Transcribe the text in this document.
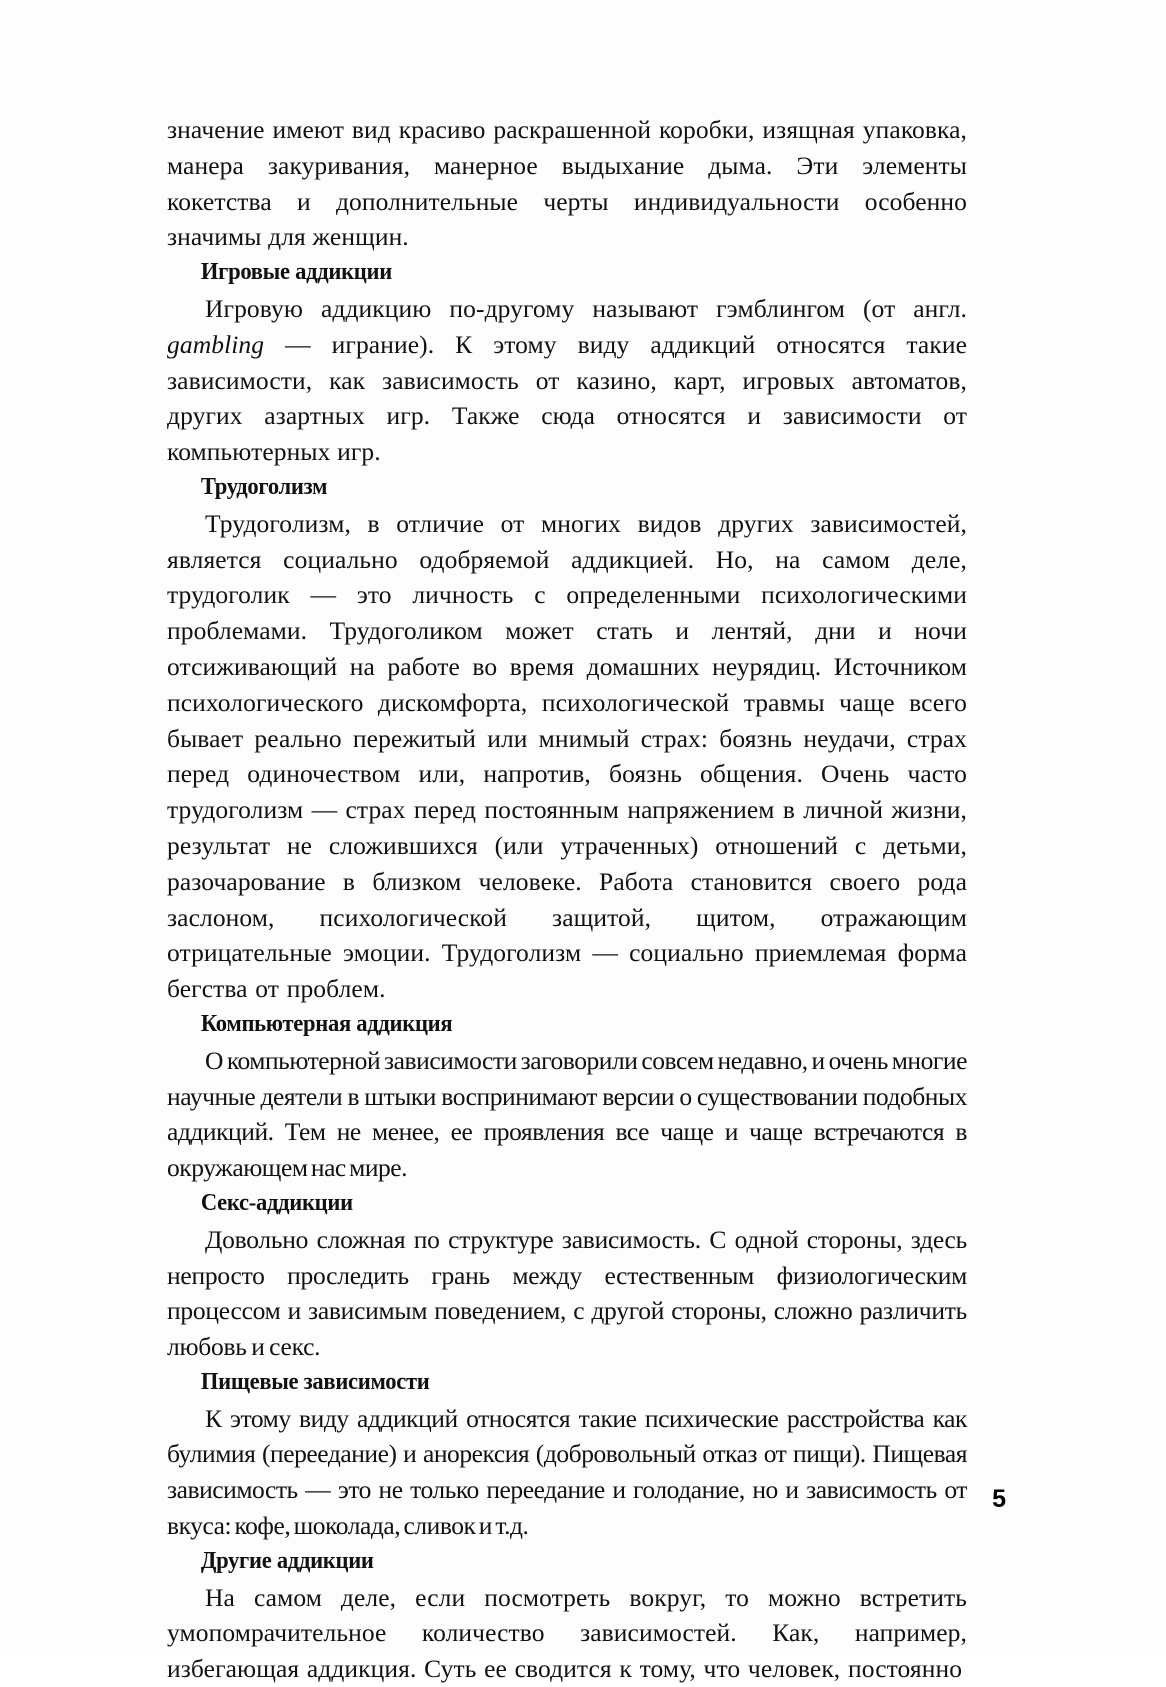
значение имеют вид красиво раскрашенной коробки, изящная упаковка, манера закуривания, манерное выдыхание дыма. Эти элементы кокетства и дополнительные черты индивидуальности особенно значимы для женщин.

Игровые аддикции

Игровую аддикцию по-другому называют гэмблингом (от англ. gambling — играние). К этому виду аддикций относятся такие зависимости, как зависимость от казино, карт, игровых автоматов, других азартных игр. Также сюда относятся и зависимости от компьютерных игр.

Трудоголизм

Трудоголизм, в отличие от многих видов других зависимостей, является социально одобряемой аддикцией. Но, на самом деле, трудоголик — это личность с определенными психологическими проблемами. Трудоголиком может стать и лентяй, дни и ночи отсиживающий на работе во время домашних неурядиц. Источником психологического дискомфорта, психологической травмы чаще всего бывает реально пережитый или мнимый страх: боязнь неудачи, страх перед одиночеством или, напротив, боязнь общения. Очень часто трудоголизм — страх перед постоянным напряжением в личной жизни, результат не сложившихся (или утраченных) отношений с детьми, разочарование в близком человеке. Работа становится своего рода заслоном, психологической защитой, щитом, отражающим отрицательные эмоции. Трудоголизм — социально приемлемая форма бегства от проблем.

Компьютерная аддикция

О компьютерной зависимости заговорили совсем недавно, и очень многие научные деятели в штыки воспринимают версии о существовании подобных аддикций. Тем не менее, ее проявления все чаще и чаще встречаются в окружающем нас мире.

Секс-аддикции

Довольно сложная по структуре зависимость. С одной стороны, здесь непросто проследить грань между естественным физиологическим процессом и зависимым поведением, с другой стороны, сложно различить любовь и секс.

Пищевые зависимости

К этому виду аддикций относятся такие психические расстройства как булимия (переедание) и анорексия (добровольный отказ от пищи). Пищевая зависимость — это не только переедание и голодание, но и зависимость от вкуса: кофе, шоколада, сливок и т.д.

Другие аддикции

На самом деле, если посмотреть вокруг, то можно встретить умопомрачительное количество зависимостей. Как, например, избегающая аддикция. Суть ее сводится к тому, что человек, постоянно

5
